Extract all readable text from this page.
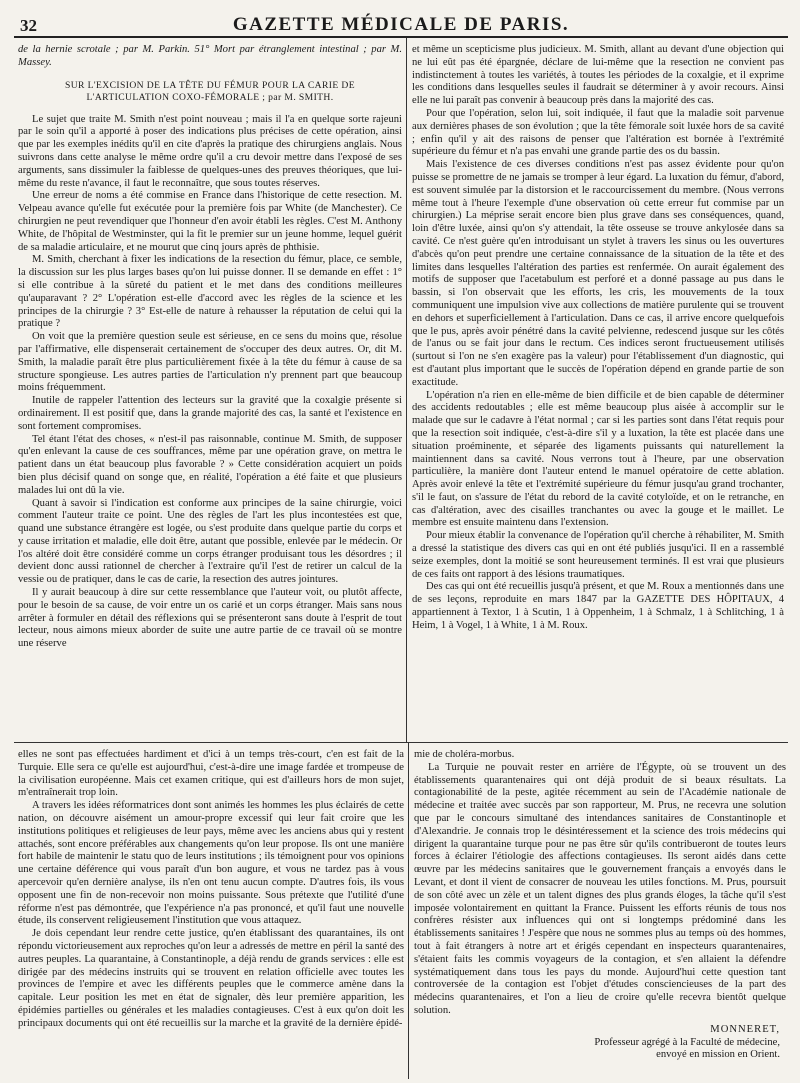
32	GAZETTE MÉDICALE DE PARIS.

de la hernie scrotale ; par M. Parkin. 51° Mort par étranglement intestinal ; par M. Massey.

SUR L'EXCISION DE LA TÊTE DU FÉMUR POUR LA CARIE DE L'ARTICULATION COXO-FÉMORALE ; par M. SMITH.

Le sujet que traite M. Smith n'est point nouveau ; mais il l'a en quelque sorte rajeuni par le soin qu'il a apporté à poser des indications plus précises de cette opération, ainsi que par les exemples inédits qu'il en cite d'après la pratique des chirurgiens anglais. Nous suivrons dans cette analyse le même ordre qu'il a cru devoir mettre dans l'exposé de ses arguments, sans dissimuler la faiblesse de quelques-unes des preuves théoriques, que lui-même du reste n'avance, il faut le reconnaître, que sous toutes réserves.

Une erreur de noms a été commise en France dans l'historique de cette resection. M. Velpeau avance qu'elle fut exécutée pour la première fois par White (de Manchester). Ce chirurgien ne peut revendiquer que l'honneur d'en avoir établi les règles. C'est M. Anthony White, de l'hôpital de Westminster, qui la fit le premier sur un jeune homme, lequel guérit de sa maladie articulaire, et ne mourut que cinq jours après de phthisie.

M. Smith, cherchant à fixer les indications de la resection du fémur, place, ce semble, la discussion sur les plus larges bases qu'on lui puisse donner. Il se demande en effet : 1° si elle contribue à la sûreté du patient et le met dans des conditions meilleures qu'auparavant ? 2° L'opération est-elle d'accord avec les règles de la science et les principes de la chirurgie ? 3° Est-elle de nature à rehausser la réputation de celui qui la pratique ?

On voit que la première question seule est sérieuse, en ce sens du moins que, résolue par l'affirmative, elle dispenserait certainement de s'occuper des deux autres. Or, dit M. Smith, la maladie paraît être plus particulièrement fixée à la tête du fémur à cause de sa structure spongieuse. Les autres parties de l'articulation n'y prennent part que beaucoup moins fréquemment.

Inutile de rappeler l'attention des lecteurs sur la gravité que la coxalgie présente si ordinairement. Il est positif que, dans la grande majorité des cas, la santé et l'existence en sont fortement compromises.

Tel étant l'état des choses, « n'est-il pas raisonnable, continue M. Smith, de supposer qu'en enlevant la cause de ces souffrances, même par une opération grave, on mettra le patient dans un état beaucoup plus favorable ? » Cette considération acquiert un poids bien plus décisif quand on songe que, en réalité, l'opération a été faite et que plusieurs malades lui ont dû la vie.

Quant à savoir si l'indication est conforme aux principes de la saine chirurgie, voici comment l'auteur traite ce point. Une des règles de l'art les plus incontestées est que, quand une substance étrangère est logée, ou s'est produite dans quelque partie du corps et y cause irritation et maladie, elle doit être, autant que possible, enlevée par le médecin. Or l'os altéré doit être considéré comme un corps étranger produisant tous les désordres ; il devient donc aussi rationnel de chercher à l'extraire qu'il l'est de retirer un calcul de la vessie ou de pratiquer, dans le cas de carie, la resection des autres jointures.

Il y aurait beaucoup à dire sur cette ressemblance que l'auteur voit, ou plutôt affecte, pour le besoin de sa cause, de voir entre un os carié et un corps étranger. Mais sans nous arrêter à formuler en détail des réflexions qui se présenteront sans doute à l'esprit de tout lecteur, nous aimons mieux aborder de suite une autre partie de ce travail où se montre une réserve

et même un scepticisme plus judicieux. M. Smith, allant au devant d'une objection qui ne lui eût pas été épargnée, déclare de lui-même que la resection ne convient pas indistinctement à toutes les variétés, à toutes les périodes de la coxalgie, et il exprime les conditions dans lesquelles seules il faudrait se déterminer à y avoir recours. Ainsi elle ne lui paraît pas convenir à beaucoup près dans la majorité des cas.

Pour que l'opération, selon lui, soit indiquée, il faut que la maladie soit parvenue aux dernières phases de son évolution ; que la tête fémorale soit luxée hors de sa cavité ; enfin qu'il y ait des raisons de penser que l'altération est bornée à l'extrémité supérieure du fémur et n'a pas envahi une grande partie des os du bassin.

Mais l'existence de ces diverses conditions n'est pas assez évidente pour qu'on puisse se promettre de ne jamais se tromper à leur égard. La luxation du fémur, d'abord, est souvent simulée par la distorsion et le raccourcissement du membre. (Nous verrons même tout à l'heure l'exemple d'une observation où cette erreur fut commise par un chirurgien.) La méprise serait encore bien plus grave dans ses conséquences, quand, loin d'être luxée, ainsi qu'on s'y attendait, la tête osseuse se trouve ankylosée dans sa cavité. Ce n'est guère qu'en introduisant un stylet à travers les sinus ou les ouvertures d'abcès qu'on peut prendre une certaine connaissance de la situation de la tête et des limites dans lesquelles l'altération des parties est renfermée. On aurait également des motifs de supposer que l'acetabulum est perforé et a donné passage au pus dans le bassin, si l'on observait que les efforts, les cris, les mouvements de la toux communiquent une impulsion vive aux collections de matière purulente qui se trouvent en dehors et superficiellement à l'articulation. Dans ce cas, il arrive encore quelquefois que le pus, après avoir pénétré dans la cavité pelvienne, redescend jusque sur les côtés de l'anus ou se fait jour dans le rectum. Ces indices seront fructueusement utilisés (surtout si l'on ne s'en exagère pas la valeur) pour l'établissement d'un diagnostic, qui est d'autant plus important que le succès de l'opération dépend en grande partie de son exactitude.

L'opération n'a rien en elle-même de bien difficile et de bien capable de déterminer des accidents redoutables ; elle est même beaucoup plus aisée à accomplir sur le malade que sur le cadavre à l'état normal ; car si les parties sont dans l'état requis pour que la resection soit indiquée, c'est-à-dire s'il y a luxation, la tête est placée dans une situation proéminente, et séparée des ligaments puissants qui naturellement la maintiennent dans sa cavité. Nous verrons tout à l'heure, par une observation particulière, la manière dont l'auteur entend le manuel opératoire de cette ablation. Après avoir enlevé la tête et l'extrémité supérieure du fémur jusqu'au grand trochanter, s'il le faut, on s'assure de l'état du rebord de la cavité cotyloïde, et on le retranche, en cas d'altération, avec des cisailles tranchantes ou avec la gouge et le maillet. Le membre est ensuite maintenu dans l'extension.

Pour mieux établir la convenance de l'opération qu'il cherche à réhabiliter, M. Smith a dressé la statistique des divers cas qui en ont été publiés jusqu'ici. Il en a rassemblé seize exemples, dont la moitié se sont heureusement terminés. Il est vrai que plusieurs de ces faits ont rapport à des lésions traumatiques.

Des cas qui ont été recueillis jusqu'à présent, et que M. Roux a mentionnés dans une de ses leçons, reproduite en mars 1847 par la GAZETTE DES HÔPITAUX, 4 appartiennent à Textor, 1 à Scutin, 1 à Oppenheim, 1 à Schmalz, 1 à Schlitching, 1 à Heim, 1 à Vogel, 1 à White, 1 à M. Roux.

elles ne sont pas effectuées hardiment et d'ici à un temps très-court, c'en est fait de la Turquie. Elle sera ce qu'elle est aujourd'hui, c'est-à-dire une image fardée et trompeuse de la civilisation européenne. Mais cet examen critique, qui est d'ailleurs hors de mon sujet, m'entraînerait trop loin.

A travers les idées réformatrices dont sont animés les hommes les plus éclairés de cette nation, on découvre aisément un amour-propre excessif qui leur fait croire que les institutions politiques et religieuses de leur pays, même avec les anciens abus qui y restent attachés, sont encore préférables aux changements qu'on leur propose. Ils ont une manière fort habile de maintenir le statu quo de leurs institutions ; ils témoignent pour vos opinions une certaine déférence qui vous paraît d'un bon augure, et vous ne tardez pas à vous apercevoir qu'en dernière analyse, ils n'en ont tenu aucun compte. D'autres fois, ils vous opposent une fin de non-recevoir non moins puissante. Sous prétexte que l'utilité d'une réforme n'est pas démontrée, que l'expérience n'a pas prononcé, et qu'il faut une nouvelle étude, ils conservent religieusement l'institution que vous attaquez.

Je dois cependant leur rendre cette justice, qu'en établissant des quarantaines, ils ont répondu victorieusement aux reproches qu'on leur a adressés de mettre en péril la santé des autres peuples. La quarantaine, à Constantinople, a déjà rendu de grands services : elle est dirigée par des médecins instruits qui se trouvent en relation officielle avec toutes les provinces de l'empire et avec les différents peuples que le commerce amène dans la capitale. Leur position les met en état de signaler, dès leur première apparition, les épidémies partielles ou générales et les maladies contagieuses. C'est à eux qu'on doit les principaux documents qui ont été recueillis sur la marche et la gravité de la dernière épidé-

mie de choléra-morbus.

La Turquie ne pouvait rester en arrière de l'Égypte, où se trouvent un des établissements quarantenaires qui ont déjà produit de si beaux résultats. La contagionabilité de la peste, agitée récemment au sein de l'Académie nationale de médecine et traitée avec succès par son rapporteur, M. Prus, ne recevra une solution que par le concours simultané des intendances sanitaires de Constantinople et d'Alexandrie. Je connais trop le désintéressement et la science des trois médecins qui dirigent la quarantaine turque pour ne pas être sûr qu'ils contribueront de toutes leurs forces à éclairer l'étiologie des affections contagieuses. Ils seront aidés dans cette œuvre par les médecins sanitaires que le gouvernement français a envoyés dans le Levant, et dont il vient de consacrer de nouveau les utiles fonctions. M. Prus, poursuit de son côté avec un zèle et un talent dignes des plus grands éloges, la tâche qu'il s'est imposée volontairement en quittant la France. Puissent les efforts réunis de tous nos confrères résister aux influences qui ont si longtemps prédominé dans les établissements sanitaires ! J'espère que nous ne sommes plus au temps où des hommes, tout à fait étrangers à notre art et érigés cependant en inspecteurs quarantenaires, s'étaient faits les commis voyageurs de la contagion, et s'en allaient la défendre systématiquement dans tous les pays du monde. Aujourd'hui cette question tant controversée de la contagion est l'objet d'études consciencieuses de la part des médecins quarantenaires, et l'on a lieu de croire qu'elle recevra bientôt quelque solution.

MONNERET,
Professeur agrégé à la Faculté de médecine,
envoyé en mission en Orient.
